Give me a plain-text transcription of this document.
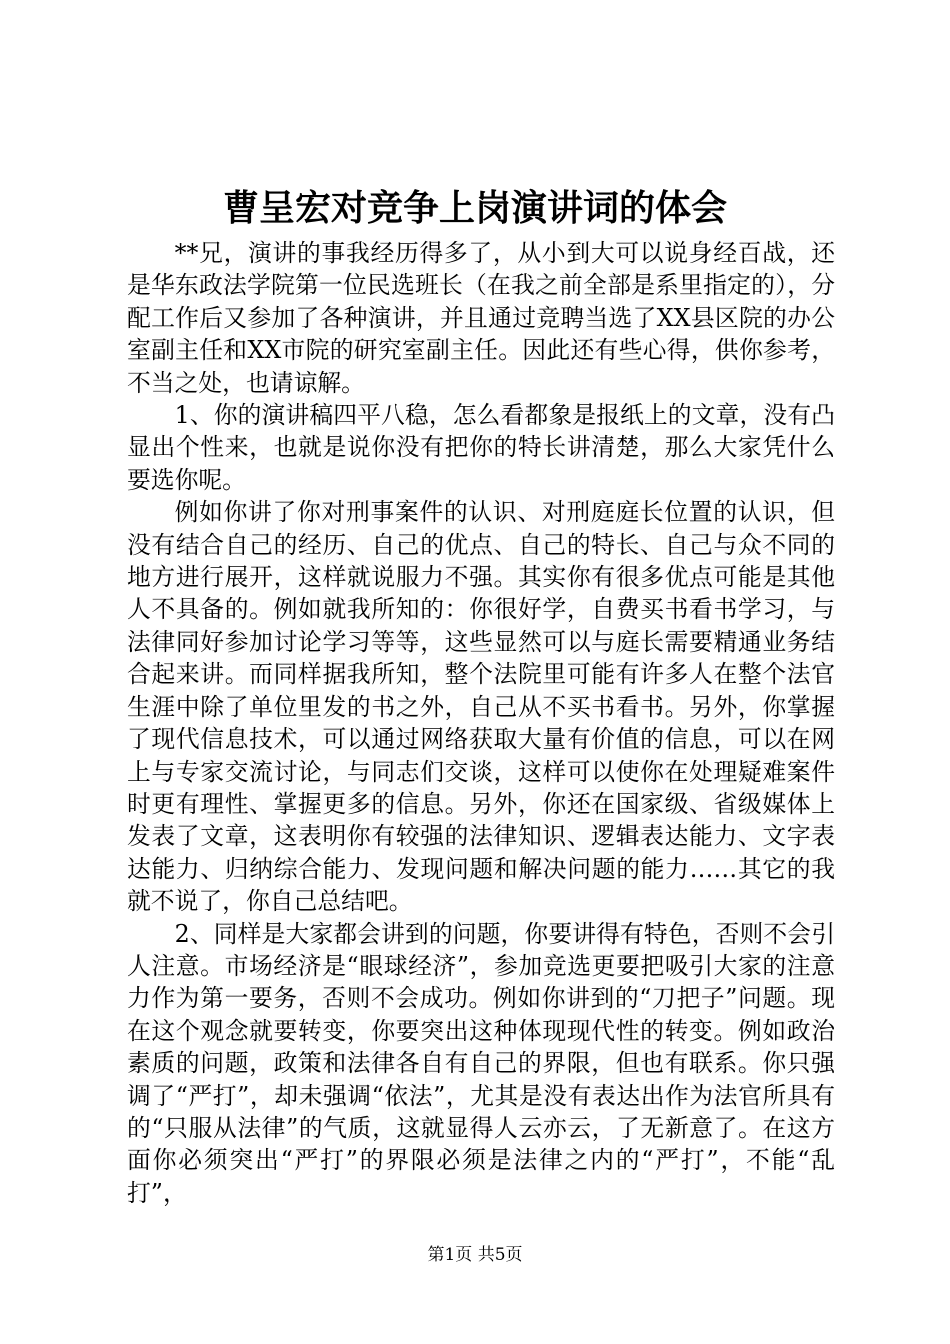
曹呈宏对竞争上岗演讲词的体会

**兄，演讲的事我经历得多了，从小到大可以说身经百战，还是华东政法学院第一位民选班长（在我之前全部是系里指定的），分配工作后又参加了各种演讲，并且通过竞聘当选了XX县区院的办公室副主任和XX市院的研究室副主任。因此还有些心得，供你参考，不当之处，也请谅解。

1、你的演讲稿四平八稳，怎么看都象是报纸上的文章，没有凸显出个性来，也就是说你没有把你的特长讲清楚，那么大家凭什么要选你呢。

例如你讲了你对刑事案件的认识、对刑庭庭长位置的认识，但没有结合自己的经历、自己的优点、自己的特长、自己与众不同的地方进行展开，这样就说服力不强。其实你有很多优点可能是其他人不具备的。例如就我所知的：你很好学，自费买书看书学习，与法律同好参加讨论学习等等，这些显然可以与庭长需要精通业务结合起来讲。而同样据我所知，整个法院里可能有许多人在整个法官生涯中除了单位里发的书之外，自己从不买书看书。另外，你掌握了现代信息技术，可以通过网络获取大量有价值的信息，可以在网上与专家交流讨论，与同志们交谈，这样可以使你在处理疑难案件时更有理性、掌握更多的信息。另外，你还在国家级、省级媒体上发表了文章，这表明你有较强的法律知识、逻辑表达能力、文字表达能力、归纳综合能力、发现问题和解决问题的能力……其它的我就不说了，你自己总结吧。

2、同样是大家都会讲到的问题，你要讲得有特色，否则不会引人注意。市场经济是“眼球经济”，参加竞选更要把吸引大家的注意力作为第一要务，否则不会成功。例如你讲到的“刀把子”问题。现在这个观念就要转变，你要突出这种体现现代性的转变。例如政治素质的问题，政策和法律各自有自己的界限，但也有联系。你只强调了“严打”，却未强调“依法”，尤其是没有表达出作为法官所具有的“只服从法律”的气质，这就显得人云亦云，了无新意了。在这方面你必须突出“严打”的界限必须是法律之内的“严打”，不能“乱打”，

第1页 共5页
